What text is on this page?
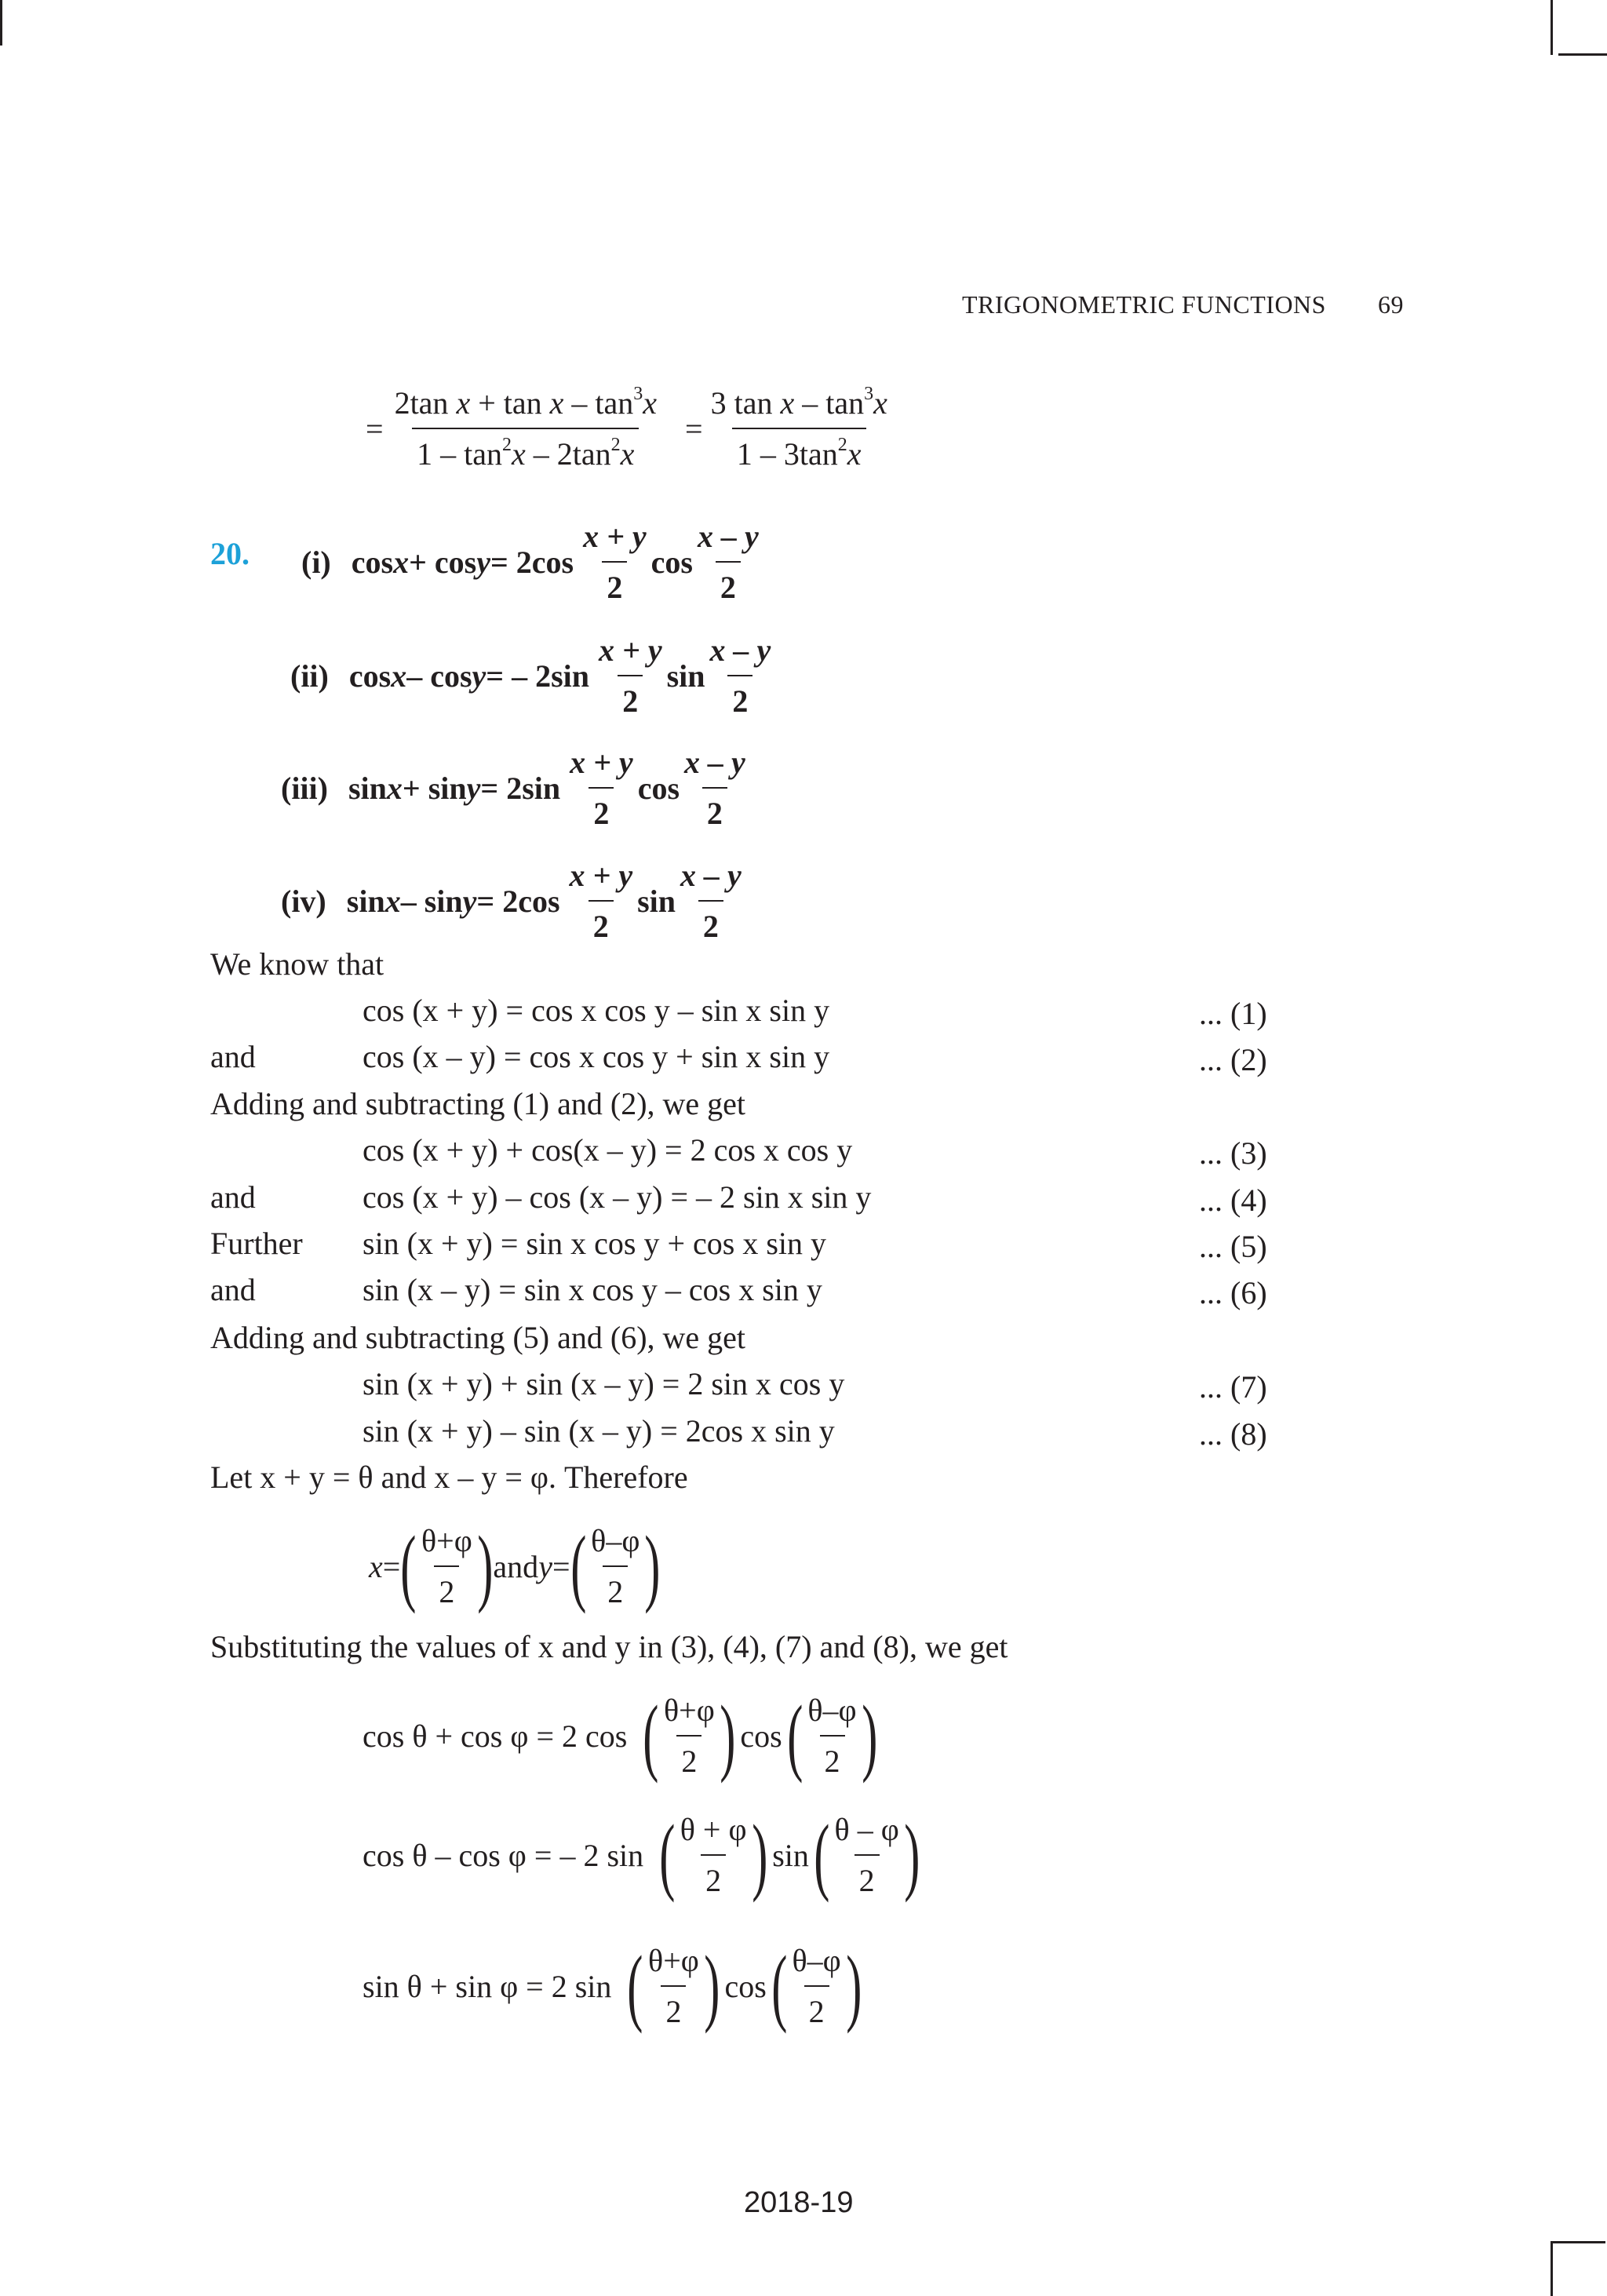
TRIGONOMETRIC FUNCTIONS 69
= $\frac{2\tan x + \tan x - \tan^3x}{1 - \tan^2x - 2\tan^2x} = \frac{3 \tan x - \tan^3x}{1 - 3\tan^2x}$
20. (i) $\cos x + \cos y = 2\cos \frac{x + y}{2}$ $\cos \frac{x - y}{2}$
(ii) cos x – cos y = – $2\sin \frac{x + y}{2}$ $\sin \frac{x - y}{2}$
(iii) $\sin x + \sin y = 2\sin \frac{x + y}{2}$ $\cos \frac{x - y}{2}$
(iv) $\sin x - \sin y = 2\cos \frac{x + y}{2}$ $\sin \frac{x - y}{2}$
We know that
cos (x + y) = cos x cos y – sin x sin y	... (1)
and	cos (x – y) = cos x cos y + sin x sin y	... (2)
cos (x + y) + cos(x – y) = 2 cos x cos y	... (3)
and	cos (x + y) – cos (x – y) = – 2 sin x sin y	... (4)
Further sin (x + y) = sin x cos y + cos x sin y	... (5)
and	sin (x – y) = sin x cos y – cos x sin y	... (6)
sin (x + y) + sin (x – y) = 2 sin x cos y	... (7)
sin (x + y) – sin (x – y) = 2cos x sin y	... (8)
Adding and subtracting (1) and (2), we get
Adding and subtracting (5) and (6), we get
Let x + y = θ and x – y = φ. Therefore
x = ( $\frac{\theta+\varphi}{2}$ ) and y = ( $\frac{\theta-\varphi}{2}$ )
Substituting the values of x and y in (3), (4), (7) and (8), we get
cos θ + cos φ = 2 cos ( $\frac{\theta+\varphi}{2}$ ) cos ( $\frac{\theta-\varphi}{2}$ )
cos θ – cos φ = – 2 sin ( $\frac{\theta + \varphi}{2}$ ) sin ( $\frac{\theta - \varphi}{2}$ )
sin θ + sin φ = 2 sin ( $\frac{\theta+\varphi}{2}$ ) cos ( $\frac{\theta-\varphi}{2}$ )
2018-19
